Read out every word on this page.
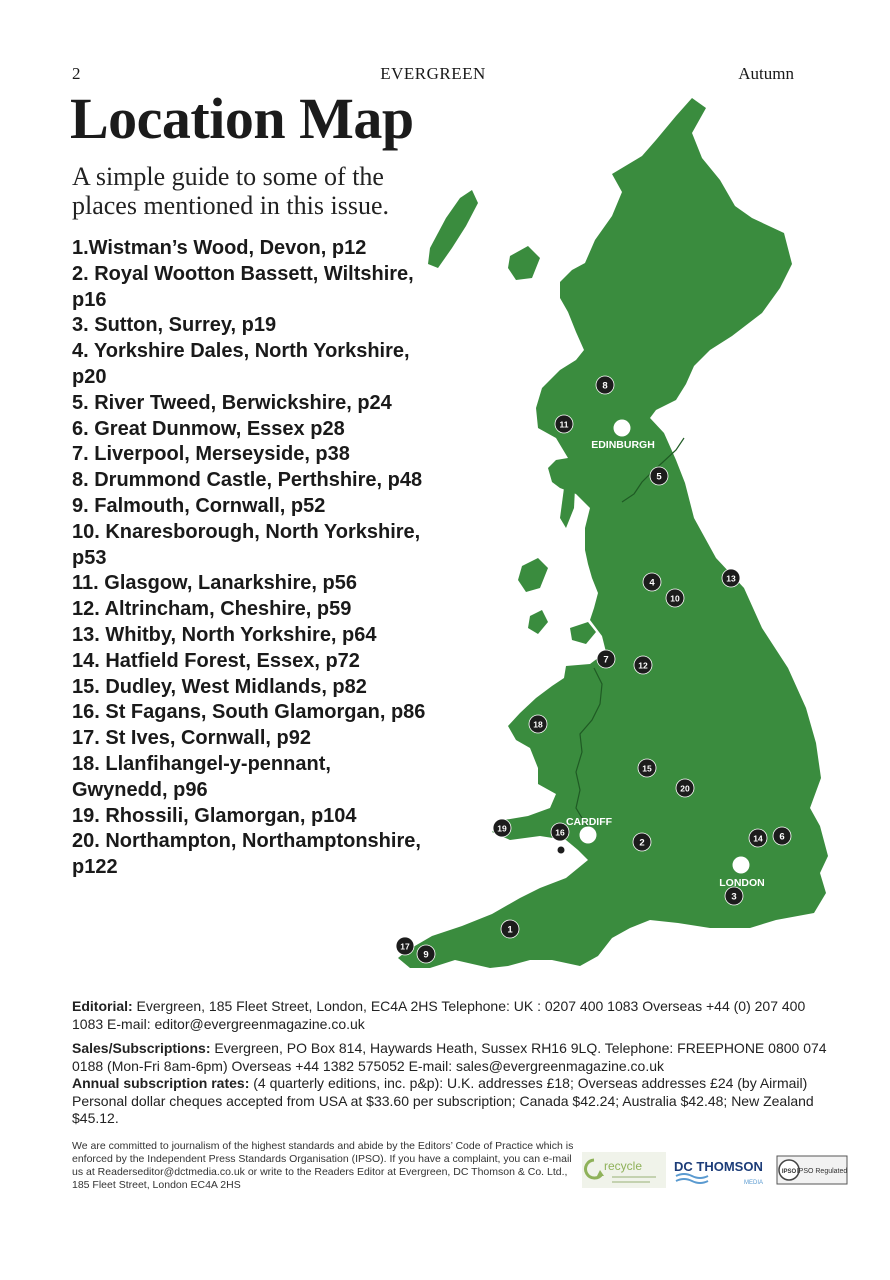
2	EVERGREEN	Autumn
Location Map

A simple guide to some of the places mentioned in this issue.

1.Wistman’s Wood, Devon, p12
2. Royal Wootton Bassett, Wiltshire, p16
3. Sutton, Surrey, p19
4. Yorkshire Dales, North Yorkshire, p20
5. River Tweed, Berwickshire, p24
6. Great Dunmow, Essex p28
7. Liverpool, Merseyside, p38
8. Drummond Castle, Perthshire, p48
9. Falmouth, Cornwall, p52
10. Knaresborough, North Yorkshire, p53
11. Glasgow, Lanarkshire, p56
12. Altrincham, Cheshire, p59
13. Whitby, North Yorkshire, p64
14. Hatfield Forest, Essex, p72
15. Dudley, West Midlands, p82
16. St Fagans, South Glamorgan, p86
17. St Ives, Cornwall, p92
18. Llanfihangel-y-pennant, Gwynedd, p96
19. Rhossili, Glamorgan, p104
20. Northampton, Northamptonshire, p122
1
2
3
4
5
6
7
8
9
10
11
12
13
14
15
16
17
18
19
20
EDINBURGH
CARDIFF
LONDON
Editorial: Evergreen, 185 Fleet Street, London, EC4A 2HS Telephone: UK : 0207 400 1083 Overseas +44 (0) 207 400 1083 E-mail: editor@evergreenmagazine.co.uk
Sales/Subscriptions: Evergreen, PO Box 814, Haywards Heath, Sussex RH16 9LQ. Telephone: FREEPHONE 0800 074 0188 (Mon-Fri 8am-6pm) Overseas +44 1382 575052 E-mail: sales@evergreenmagazine.co.uk
Annual subscription rates: (4 quarterly editions, inc. p&p): U.K. addresses £18; Overseas addresses £24 (by Airmail) Personal dollar cheques accepted from USA at $33.60 per subscription; Canada $42.24; Australia $42.48; New Zealand $45.12.
We are committed to journalism of the highest standards and abide by the Editors’ Code of Practice which is enforced by the Independent Press Standards Organisation (IPSO). If you have a complaint, you can e-mail us at Readerseditor@dctmedia.co.uk or write to the Readers Editor at Evergreen, DC Thomson & Co. Ltd., 185 Fleet Street, London EC4A 2HS
recycle DC THOMSON
MEDIA
IPSO IPSO Regulated
